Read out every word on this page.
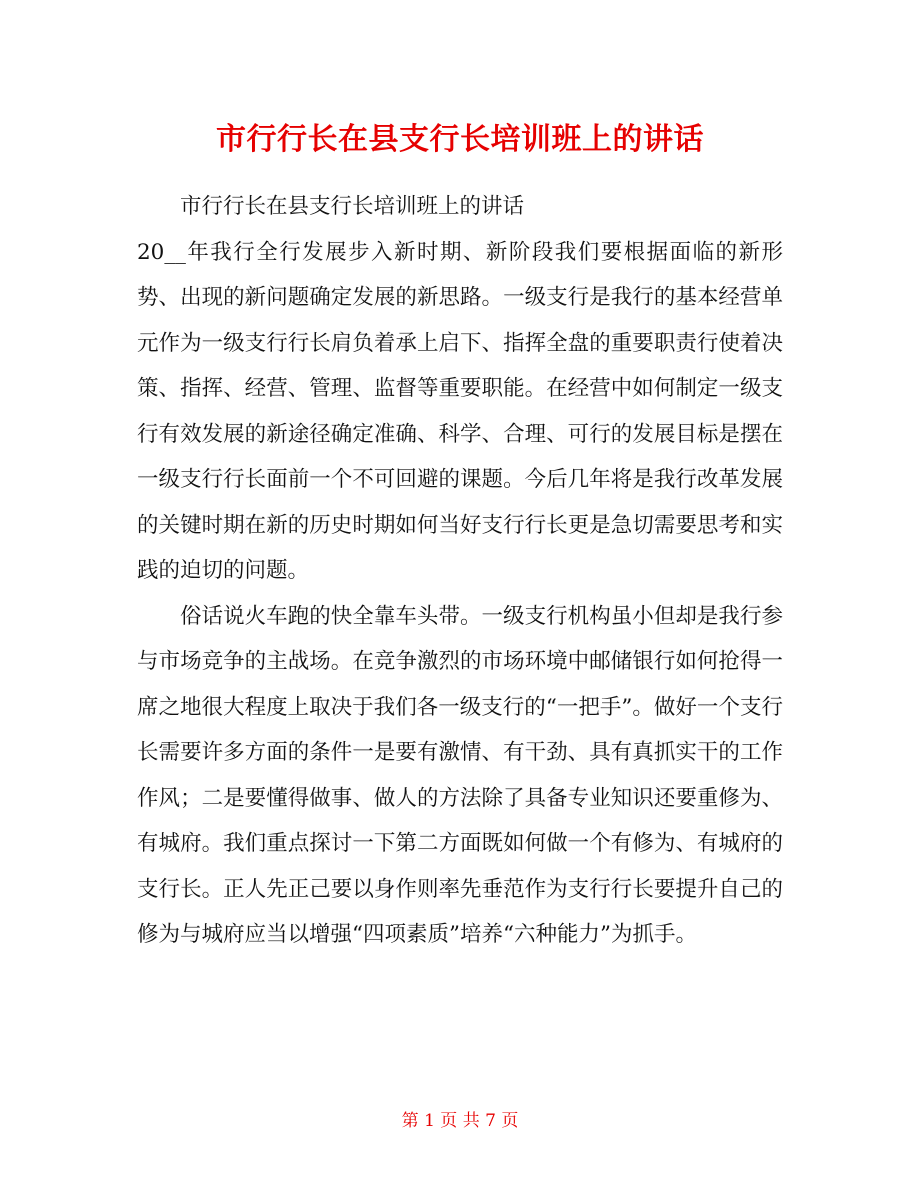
市行行长在县支行长培训班上的讲话

市行行长在县支行长培训班上的讲话

20__年我行全行发展步入新时期、新阶段我们要根据面临的新形势、出现的新问题确定发展的新思路。一级支行是我行的基本经营单元作为一级支行行长肩负着承上启下、指挥全盘的重要职责行使着决策、指挥、经营、管理、监督等重要职能。在经营中如何制定一级支行有效发展的新途径确定准确、科学、合理、可行的发展目标是摆在一级支行行长面前一个不可回避的课题。今后几年将是我行改革发展的关键时期在新的历史时期如何当好支行行长更是急切需要思考和实践的迫切的问题。

俗话说火车跑的快全靠车头带。一级支行机构虽小但却是我行参与市场竞争的主战场。在竞争激烈的市场环境中邮储银行如何抢得一席之地很大程度上取决于我们各一级支行的“一把手”。做好一个支行长需要许多方面的条件一是要有激情、有干劲、具有真抓实干的工作作风；二是要懂得做事、做人的方法除了具备专业知识还要重修为、有城府。我们重点探讨一下第二方面既如何做一个有修为、有城府的支行长。正人先正己要以身作则率先垂范作为支行行长要提升自己的修为与城府应当以增强“四项素质”培养“六种能力”为抓手。

第 1 页 共 7 页
